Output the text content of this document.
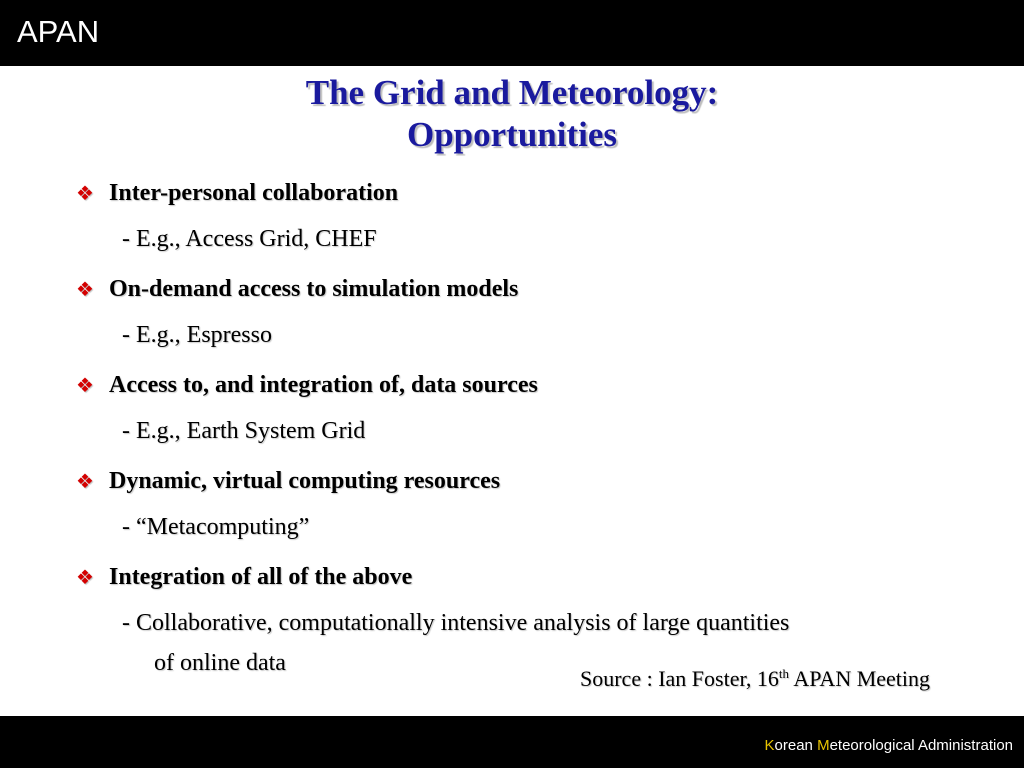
APAN
The Grid and Meteorology:
Opportunities
❖ Inter-personal collaboration
- E.g., Access Grid, CHEF
❖ On-demand access to simulation models
- E.g., Espresso
❖ Access to, and integration of, data sources
- E.g., Earth System Grid
❖ Dynamic, virtual computing resources
- “Metacomputing”
❖ Integration of all of the above
- Collaborative, computationally intensive analysis of large quantities
of online data
Source : Ian Foster, 16th APAN Meeting
Korean Meteorological Administration
